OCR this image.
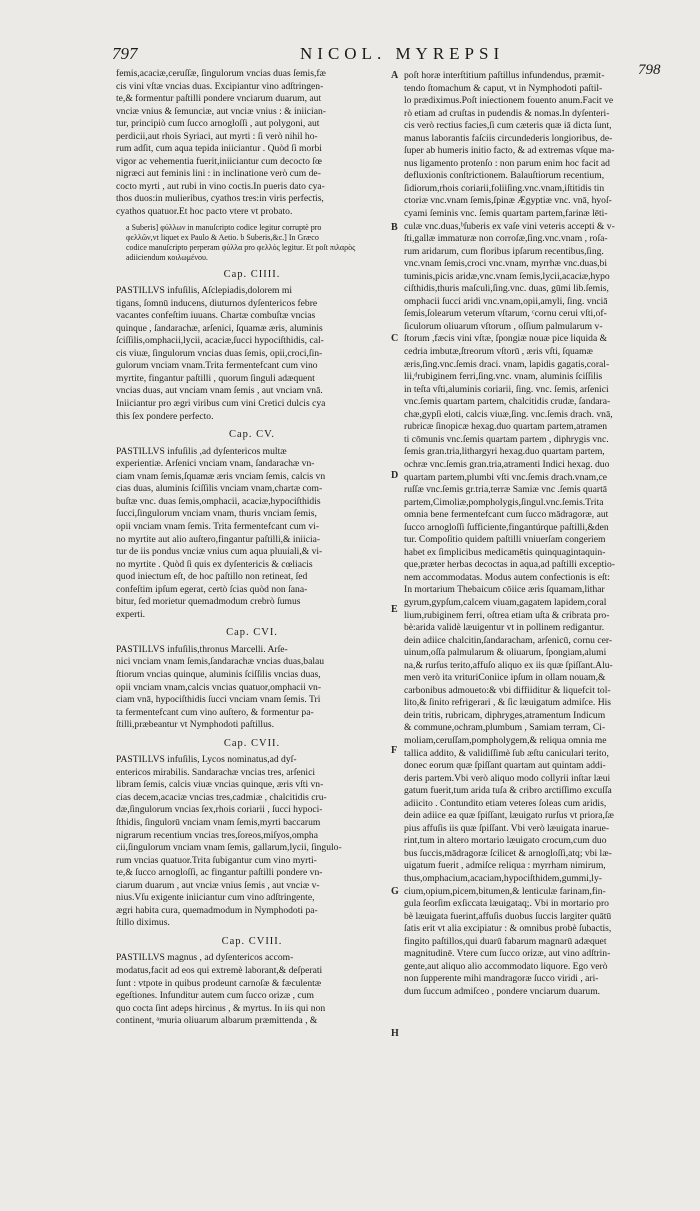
797	NICOL. MYREPSI
798
A
B
C
D
E
F
G
H
femis,acaciæ,ceruſſæ, ſingulorum vncias duas ſemis,fæ
cis vini vſtæ vncias duas. Excipiantur vino adſtringen-
te,& formentur paſtilli pondere vnciarum duarum, aut
vnciæ vnius & ſemunciæ, aut vnciæ vnius : & iniician-
tur, principiò cum ſucco arnogloſſi , aut polygoni, aut
perdicii,aut rhois Syriaci, aut myrti : ſi verò nihil ho-
rum adſit, cum aqua tepida iniiciantur . Quòd ſi morbi
vigor ac vehementia fuerit,iniiciantur cum decocto ſœ
nigræci aut feminis lini : in inclinatione verò cum de-
cocto myrti , aut rubi in vino coctis.In pueris dato cya-
thos duos:in mulieribus, cyathos tres:in viris perfectis,
cyathos quatuor.Et hoc pacto vtere vt probato.
a Suberis] φύλλων in manuſcripto codice legitur corruptè pro
φελλῶν,vt liquet ex Paulo & Aetio. b Suberis,&c.] In Græco
codice manuſcripto perperam φύλλα pro φελλός legitur. Et poſt πιλαρὸς
adiiciendum κοιλωμένου.
Cap. CIIII.
PASTILLVS infuſilis, Aſclepiadis,dolorem mi
tigans, ſomnū inducens, diuturnos dyſentericos febre
vacantes confeſtim iuuans. Chartæ combuſtæ vncias
quinque , ſandarachæ, arſenici, ſquamæ æris, aluminis
ſciſſilis,omphacii,lycii, acaciæ,ſucci hypociſthidis, cal-
cis viuæ, ſingulorum vncias duas ſemis, opii,croci,ſin-
gulorum vnciam vnam.Trita fermentefcant cum vino
myrtite, fingantur paſtilli , quorum ſinguli adæquent
vncias duas, aut vnciam vnam ſemis , aut vnciam vnā.
Iniiciantur pro ægri viribus cum vini Cretici dulcis cya
this ſex pondere perfecto.
Cap. CV.
PASTILLVS infuſilis ,ad dyſentericos multæ
experientiæ. Arſenici vnciam vnam, ſandarachæ vn-
ciam vnam ſemis,ſquamæ æris vnciam ſemis, calcis vn
cias duas, aluminis ſciſſilis vnciam vnam,chartæ com-
buſtæ vnc. duas ſemis,omphacii, acaciæ,hypociſthidis
ſucci,ſingulorum vnciam vnam, thuris vnciam ſemis,
opii vnciam vnam ſemis. Trita fermentefcant cum vi-
no myrtite aut alio auſtero,fingantur paſtilli,& iniicia-
tur de iis pondus vnciæ vnius cum aqua pluuiali,& vi-
no myrtite . Quòd ſi quis ex dyſentericis & cœliacis
quod iniectum eſt, de hoc paſtillo non retineat, ſed
confeſtim ipſum egerat, certò ſcias quòd non ſana-
bitur, ſed morietur quemadmodum crebrò ſumus
experti.
Cap. CVI.
PASTILLVS infuſilis,thronus Marcelli. Arſe-
nici vnciam vnam ſemis,ſandarachæ vncias duas,balau
ſtiorum vncias quinque, aluminis ſciſſilis vncias duas,
opii vnciam vnam,calcis vncias quatuor,omphacii vn-
ciam vnā, hypociſthidis ſucci vnciam vnam ſemis. Tri
ta fermentefcant cum vino auſtero, & formentur pa-
ſtilli,præbeantur vt Nymphodoti paſtillus.
Cap. CVII.
PASTILLVS infuſilis, Lycos nominatus,ad dyſ-
entericos mirabilis. Sandarachæ vncias tres, arſenici
libram ſemis, calcis viuæ vncias quinque, æris vſti vn-
cias decem,acaciæ vncias tres,cadmiæ , chalcitidis cru-
dæ,ſingulorum vncias ſex,rhois coriarii , ſucci hypoci-
ſthidis, ſingulorū vnciam vnam ſemis,myrti baccarum
nigrarum recentium vncias tres,ſoreos,miſyos,ompha
cii,ſingulorum vnciam vnam ſemis, gallarum,lycii, ſingulo-
rum vncias quatuor.Trita ſubigantur cum vino myrti-
te,& ſucco arnogloſſi, ac fingantur paſtilli pondere vn-
ciarum duarum , aut vnciæ vnius ſemis , aut vnciæ v-
nius.Vſu exigente iniiciantur cum vino adſtringente,
ægri habita cura, quemadmodum in Nymphodoti pa-
ſtillo diximus.
Cap. CVIII.
PASTILLVS magnus , ad dyſentericos accom-
modatus,facit ad eos qui extremè laborant,& deſperati
ſunt : vtpote in quibus prodeunt carnoſæ & fæculentæ
egeſtiones. Infunditur autem cum ſucco orizæ , cum
quo cocta ſint adeps hircinus , & myrtus. In iis qui non
continent, ᵃmuria oliuarum albarum præmittenda , &
poſt horæ interſtitium paſtillus infundendus, præmit-
tendo ſtomachum & caput, vt in Nymphodoti paſtil-
lo prædiximus.Poſt iniectionem fouento anum.Facit ve
rò etiam ad cruſtas in pudendis & nomas.In dyſenteri-
cis verò rectius facies,ſi cum cæteris quæ iā dicta ſunt,
manus laborantis faſciis circundederis longioribus, de-
ſuper ab humeris initio facto, & ad extremas vſque ma-
nus ligamento protenſo : non parum enim hoc facit ad
defluxionis conſtrictionem. Balauſtiorum recentium,
ſidiorum,rhois coriarii,foliiſing.vnc.vnam,iſtitidis tin
ctoriæ vnc.vnam ſemis,ſpinæ Ægyptiæ vnc. vnā, hyoſ-
cyami ſeminis vnc. ſemis quartam partem,farinæ lēti-
culæ vnc.duas,ᵇſuberis ex vaſe vini veteris accepti & v-
ſti,gallæ immaturæ non corroſæ,ſing.vnc.vnam , roſa-
rum aridarum, cum floribus ipſarum recentibus,ſing.
vnc.vnam ſemis,croci vnc.vnam, myrrhæ vnc.duas,bi
tuminis,picis aridæ,vnc.vnam ſemis,lycii,acaciæ,hypo
ciſthidis,thuris maſculi,ſing.vnc. duas, gūmi lib.ſemis,
omphacii ſucci aridi vnc.vnam,opii,amyli, ſing. vnciā
ſemis,ſolearum veterum vſtarum, ᶜcornu cerui vſti,of-
ſiculorum oliuarum vſtorum , oſſium palmularum v-
ſtorum ,fæcis vini vſtæ, ſpongiæ nouæ pice liquida &
cedria imbutæ,ſtreorum vſtorū , æris vſti, ſquamæ
æris,ſing.vnc.ſemis draci. vnam, lapidis gagatis,coral-
lii,ᵈrubiginem ferri,ſing.vnc. vnam, aluminis ſciſſilis
in teſta vſti,aluminis coriarii, ſing. vnc. ſemis, arſenici
vnc.ſemis quartam partem, chalcitidis crudæ, ſandara-
chæ,gypſi eloti, calcis viuæ,ſing. vnc.ſemis drach. vnā,
rubricæ ſinopicæ hexag.duo quartam partem,atramen
ti cōmunis vnc.ſemis quartam partem , diphrygis vnc.
ſemis gran.tria,lithargyri hexag.duo quartam partem,
ochræ vnc.ſemis gran.tria,atramenti Indici hexag. duo
quartam partem,plumbi vſti vnc.ſemis drach.vnam,ce
ruſſæ vnc.ſemis gr.tria,terræ Samiæ vnc .ſemis quartā
partem,Cimoliæ,pompholygis,ſingul.vnc.ſemis.Trita
omnia bene fermentefcant cum ſucco mādragoræ, aut
ſucco arnogloſſi ſufficiente,fingantúrque paſtilli,&den
tur. Compoſitio quidem paſtilli vniuerſam congeriem
habet ex ſimplicibus medicamētis quinquagintaquin-
que,præter herbas decoctas in aqua,ad paſtilli exceptio-
nem accommodatas. Modus autem confectionis is eſt:
In mortarium Thebaicum cōiice æris ſquamam,lithar
gyrum,gypſum,calcem viuam,gagatem lapidem,coral
lium,rubiginem ferri, oſtrea etiam uſta & cribrata pro-
bè:arida validè læuigentur vt in pollinem redigantur.
dein adiice chalcitin,ſandaracham, arſenicū, cornu cer-
uinum,oſſa palmularum & oliuarum, ſpongiam,alumi
na,& rurſus terito,affuſo aliquo ex iis quæ ſpiſſant.Alu-
men verò ita vrituriConiice ipſum in ollam nouam,&
carbonibus admoueto:& vbi diffiiditur & liquefcit tol-
lito,& ſinito refrigerari , & ſic læuigatum admiſce. His
dein tritis, rubricam, diphryges,atramentum Indicum
& commune,ochram,plumbum , Samiam terram, Ci-
moliam,ceruſſam,pompholygem,& reliqua omnia me
tallica addito, & validiſſimè ſub æſtu caniculari terito,
donec eorum quæ ſpiſſant quartam aut quintam addi-
deris partem.Vbi verò aliquo modo collyrii inſtar læui
gatum fuerit,tum arida tuſa & cribro arctiſſimo excuſſa
adiicito . Contundito etiam veteres ſoleas cum aridis,
dein adiice ea quæ ſpiſſant, læuigato rurſus vt priora,ſæ
pius affuſis iis quæ ſpiſſant. Vbi verò læuigata inarue-
rint,tum in altero mortario læuigato crocum,cum duo
bus ſuccis,mādragoræ ſcilicet & arnogloſſi,atq; vbi læ-
uigatum fuerit , admiſce reliqua : myrrham nimirum,
thus,omphacium,acaciam,hypociſthidem,gummi,ly-
cium,opium,picem,bitumen,& lenticulæ farinam,fin-
gula ſeorſim exſiccata læuigataq;. Vbi in mortario pro
bè læuigata fuerint,affuſis duobus ſuccis largiter quātū
ſatis erit vt alia excipiatur : & omnibus probè ſubactis,
fingito paſtillos,qui duarū fabarum magnarū adæquet
magnitudinē. Vtere cum ſucco orizæ, aut vino adſtrin-
gente,aut aliquo alio accommodato liquore. Ego verò
non ſupperente mihi mandragoræ ſucco viridi , ari-
dum ſuccum admiſceo , pondere vnciarum duarum.
